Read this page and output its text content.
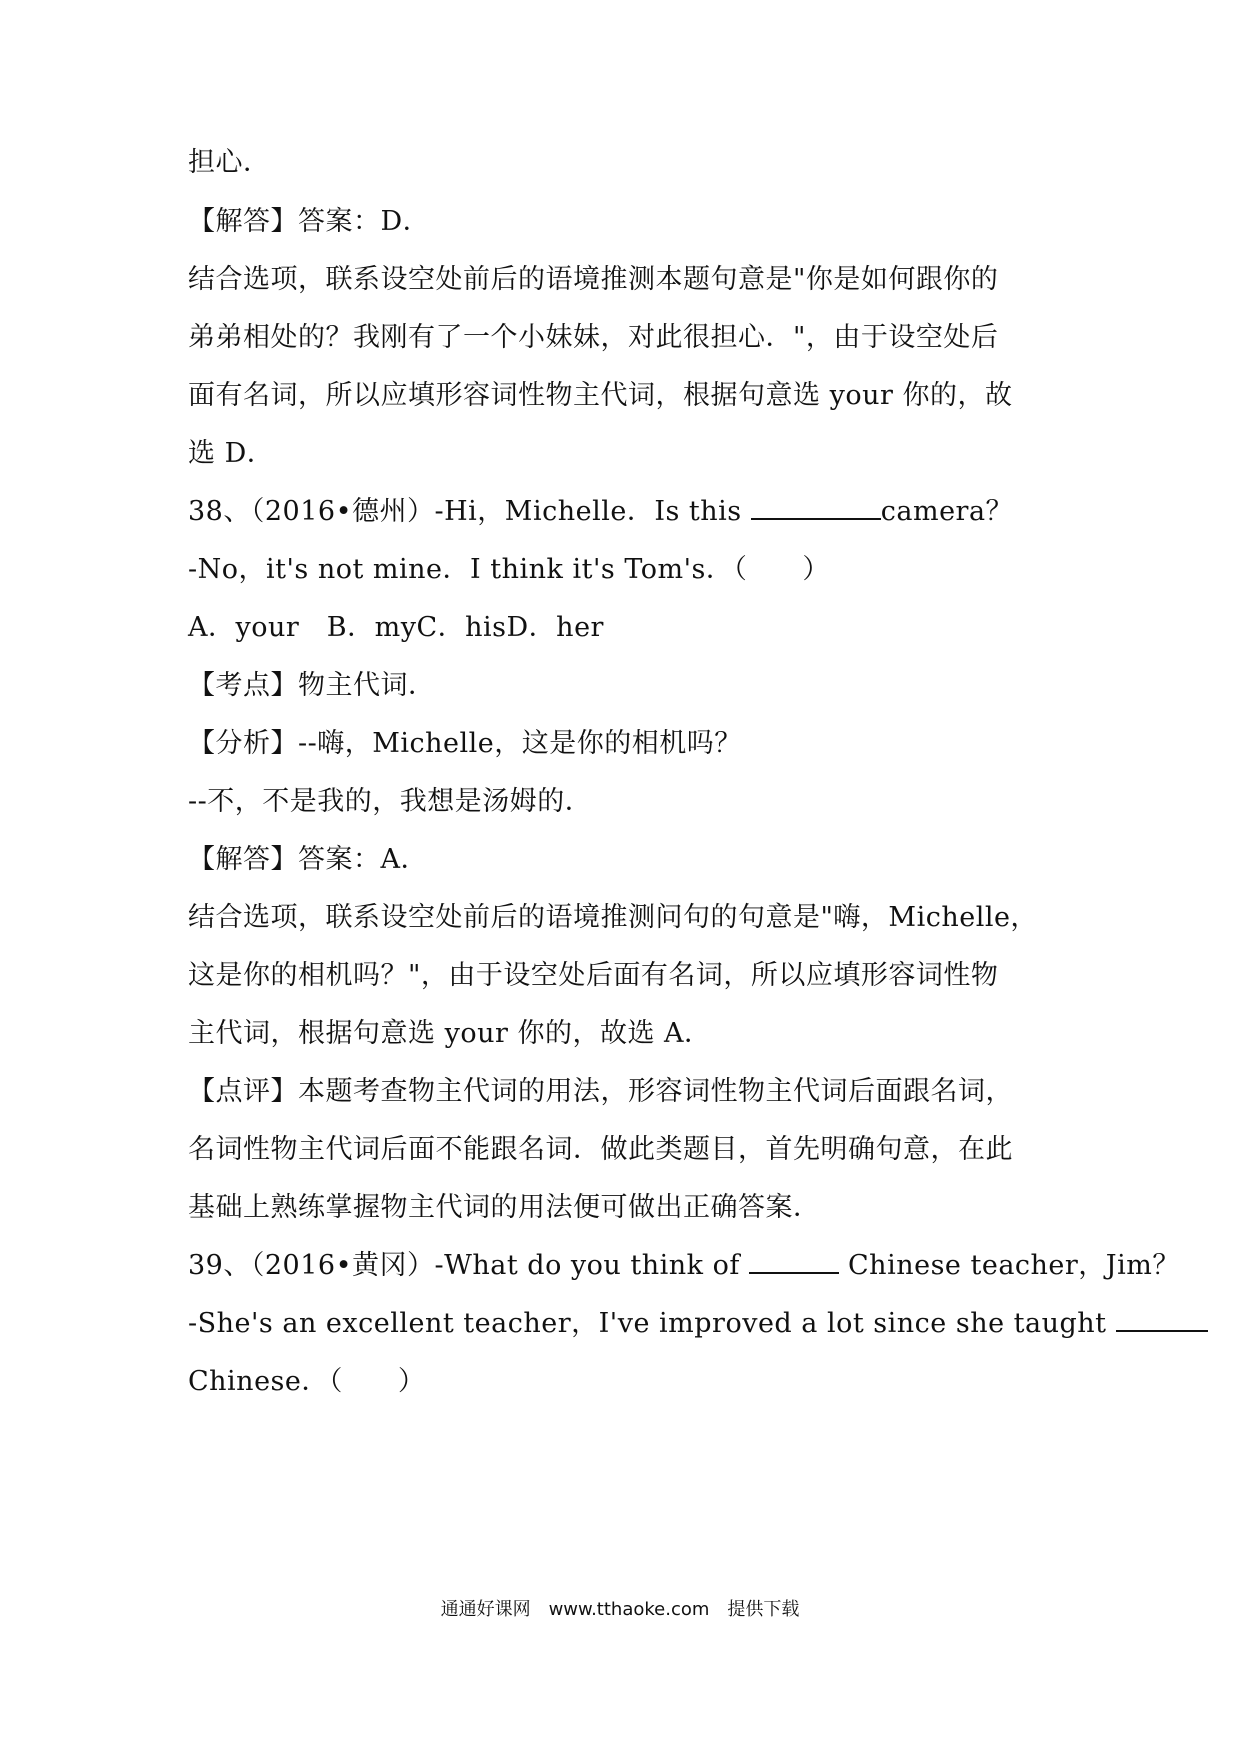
担心．
【解答】答案：D．
结合选项，联系设空处前后的语境推测本题句意是"你是如何跟你的
弟弟相处的？我刚有了一个小妹妹，对此很担心．"，由于设空处后
面有名词，所以应填形容词性物主代词，根据句意选 your 你的，故
选 D．
38、（2016•德州）-Hi，Michelle．Is this	camera？
-No，it's not mine．I think it's Tom's．（　　）
A．your　B．myC．hisD．her
【考点】物主代词．
【分析】--嗨，Michelle，这是你的相机吗？
--不，不是我的，我想是汤姆的．
【解答】答案：A．
结合选项，联系设空处前后的语境推测问句的句意是"嗨，Michelle，
这是你的相机吗？"，由于设空处后面有名词，所以应填形容词性物
主代词，根据句意选 your 你的，故选 A．
【点评】本题考查物主代词的用法，形容词性物主代词后面跟名词，
名词性物主代词后面不能跟名词．做此类题目，首先明确句意，在此
基础上熟练掌握物主代词的用法便可做出正确答案．
39、（2016•黄冈）-What do you think of	Chinese teacher，Jim？
-She's an excellent teacher，I've improved a lot since she taught
Chinese．（　　）
通通好课网　www.tthaoke.com　提供下载
